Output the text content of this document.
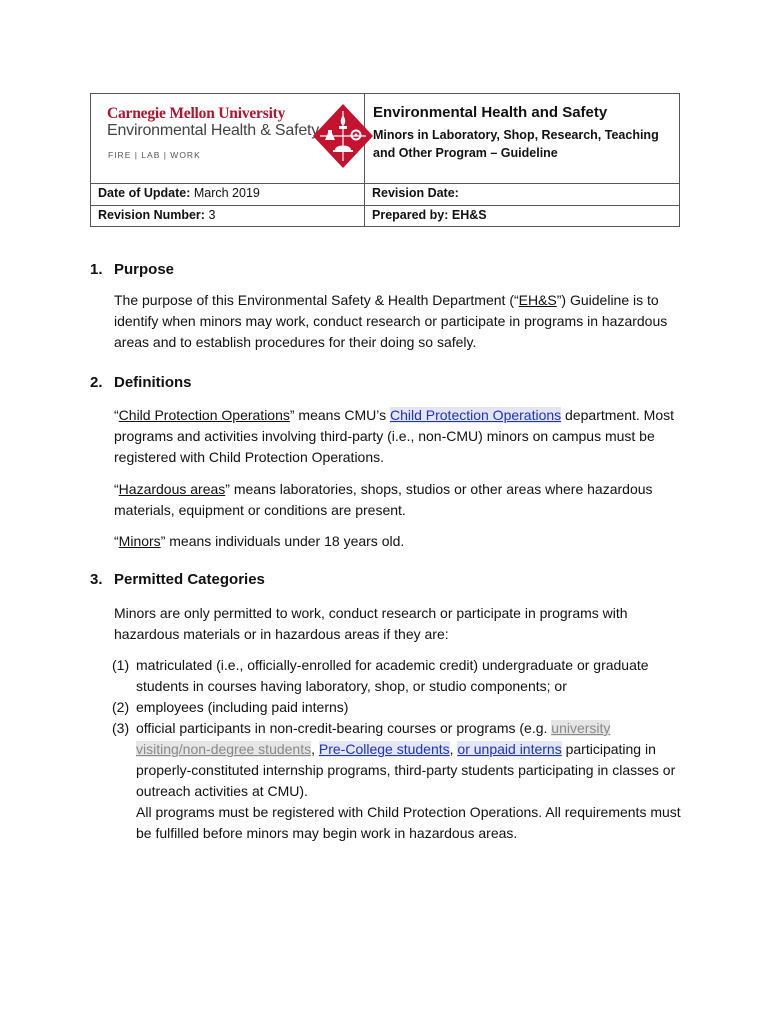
Carnegie Mellon University
Environmental Health & Safety
FIRE | LAB | WORK
Environmental Health and Safety
Minors in Laboratory, Shop, Research, Teaching and Other Program – Guideline
Date of Update: March 2019	Revision Date:
Revision Number: 3	Prepared by: EH&S
1. Purpose
The purpose of this Environmental Safety & Health Department (“EH&S”) Guideline is to identify when minors may work, conduct research or participate in programs in hazardous areas and to establish procedures for their doing so safely.
2. Definitions
“Child Protection Operations” means CMU’s Child Protection Operations department. Most programs and activities involving third-party (i.e., non-CMU) minors on campus must be registered with Child Protection Operations.
“Hazardous areas” means laboratories, shops, studios or other areas where hazardous materials, equipment or conditions are present.
“Minors” means individuals under 18 years old.
3. Permitted Categories
Minors are only permitted to work, conduct research or participate in programs with hazardous materials or in hazardous areas if they are:
(1) matriculated (i.e., officially-enrolled for academic credit) undergraduate or graduate students in courses having laboratory, shop, or studio components; or
(2) employees (including paid interns)
(3) official participants in non-credit-bearing courses or programs (e.g. university visiting/non-degree students, Pre-College students, or unpaid interns participating in properly-constituted internship programs, third-party students participating in classes or outreach activities at CMU).
All programs must be registered with Child Protection Operations. All requirements must be fulfilled before minors may begin work in hazardous areas.
